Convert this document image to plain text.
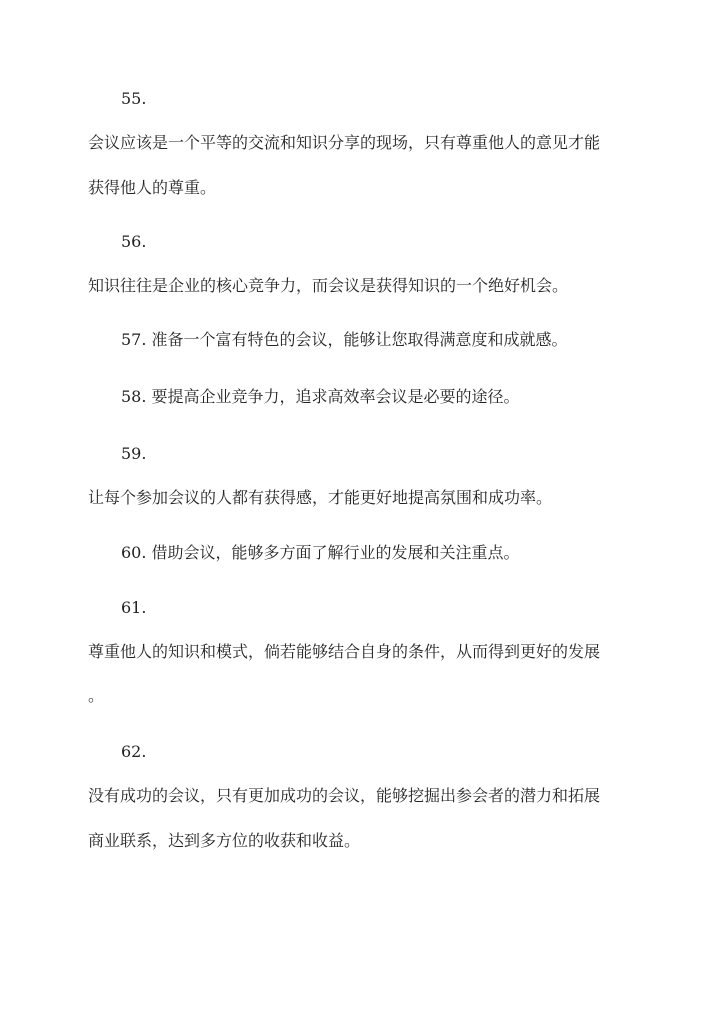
55.
会议应该是一个平等的交流和知识分享的现场，只有尊重他人的意见才能
获得他人的尊重。
56.
知识往往是企业的核心竞争力，而会议是获得知识的一个绝好机会。
57. 准备一个富有特色的会议，能够让您取得满意度和成就感。
58. 要提高企业竞争力，追求高效率会议是必要的途径。
59.
让每个参加会议的人都有获得感，才能更好地提高氛围和成功率。
60. 借助会议，能够多方面了解行业的发展和关注重点。
61.
尊重他人的知识和模式，倘若能够结合自身的条件，从而得到更好的发展
。
62.
没有成功的会议，只有更加成功的会议，能够挖掘出参会者的潜力和拓展
商业联系，达到多方位的收获和收益。
